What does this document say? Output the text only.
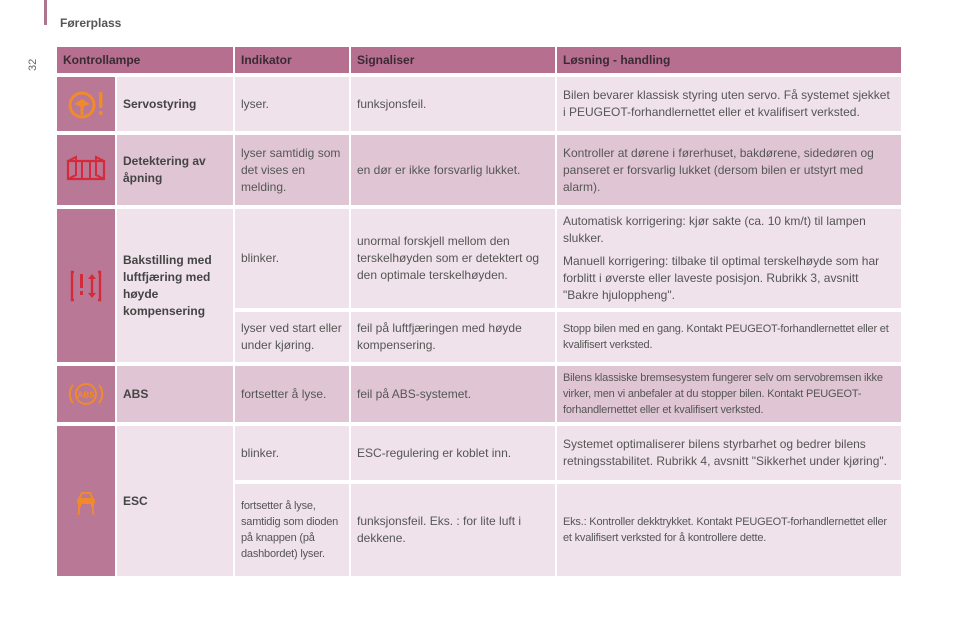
Førerplass
32 Kontrollampe		Indikator	Signaliser	Løsning - handling

	Servostyring	lyser.	funksjonsfeil.	Bilen bevarer klassisk styring uten servo. Få systemet sjekket i PEUGEOT-forhandlernettet eller et kvalifisert verksted.

	Detektering av åpning	lyser samtidig som det vises en melding.	en dør er ikke forsvarlig lukket.	Kontroller at dørene i førerhuset, bakdørene, sidedøren og panseret er forsvarlig lukket (dersom bilen er utstyrt med alarm).

	Bakstilling med luftfjæring med høyde kompensering	blinker.	unormal forskjell mellom den terskelhøyden som er detektert og den optimale terskelhøyden.	Automatisk korrigering: kjør sakte (ca. 10 km/t) til lampen slukker.

Manuell korrigering: tilbake til optimal terskelhøyde som har forblitt i øverste eller laveste posisjon. Rubrikk 3, avsnitt "Bakre hjuloppheng".

		lyser ved start eller under kjøring.	feil på luftfjæringen med høyde kompensering.	Stopp bilen med en gang. Kontakt PEUGEOT-forhandlernettet eller et kvalifisert verksted.

ABS	ABS	fortsetter å lyse.	feil på ABS-systemet.	Bilens klassiske bremsesystem fungerer selv om servobremsen ikke virker, men vi anbefaler at du stopper bilen. Kontakt PEUGEOT-forhandlernettet eller et kvalifisert verksted.

	ESC	blinker.	ESC-regulering er koblet inn.	Systemet optimaliserer bilens styrbarhet og bedrer bilens retningsstabilitet. Rubrikk 4, avsnitt "Sikkerhet under kjøring".
		fortsetter å lyse, samtidig som dioden på knappen (på dashbordet) lyser.	funksjonsfeil. Eks. : for lite luft i dekkene.	Eks.: Kontroller dekktrykket. Kontakt PEUGEOT-forhandlernettet eller et kvalifisert verksted for å kontrollere dette.
